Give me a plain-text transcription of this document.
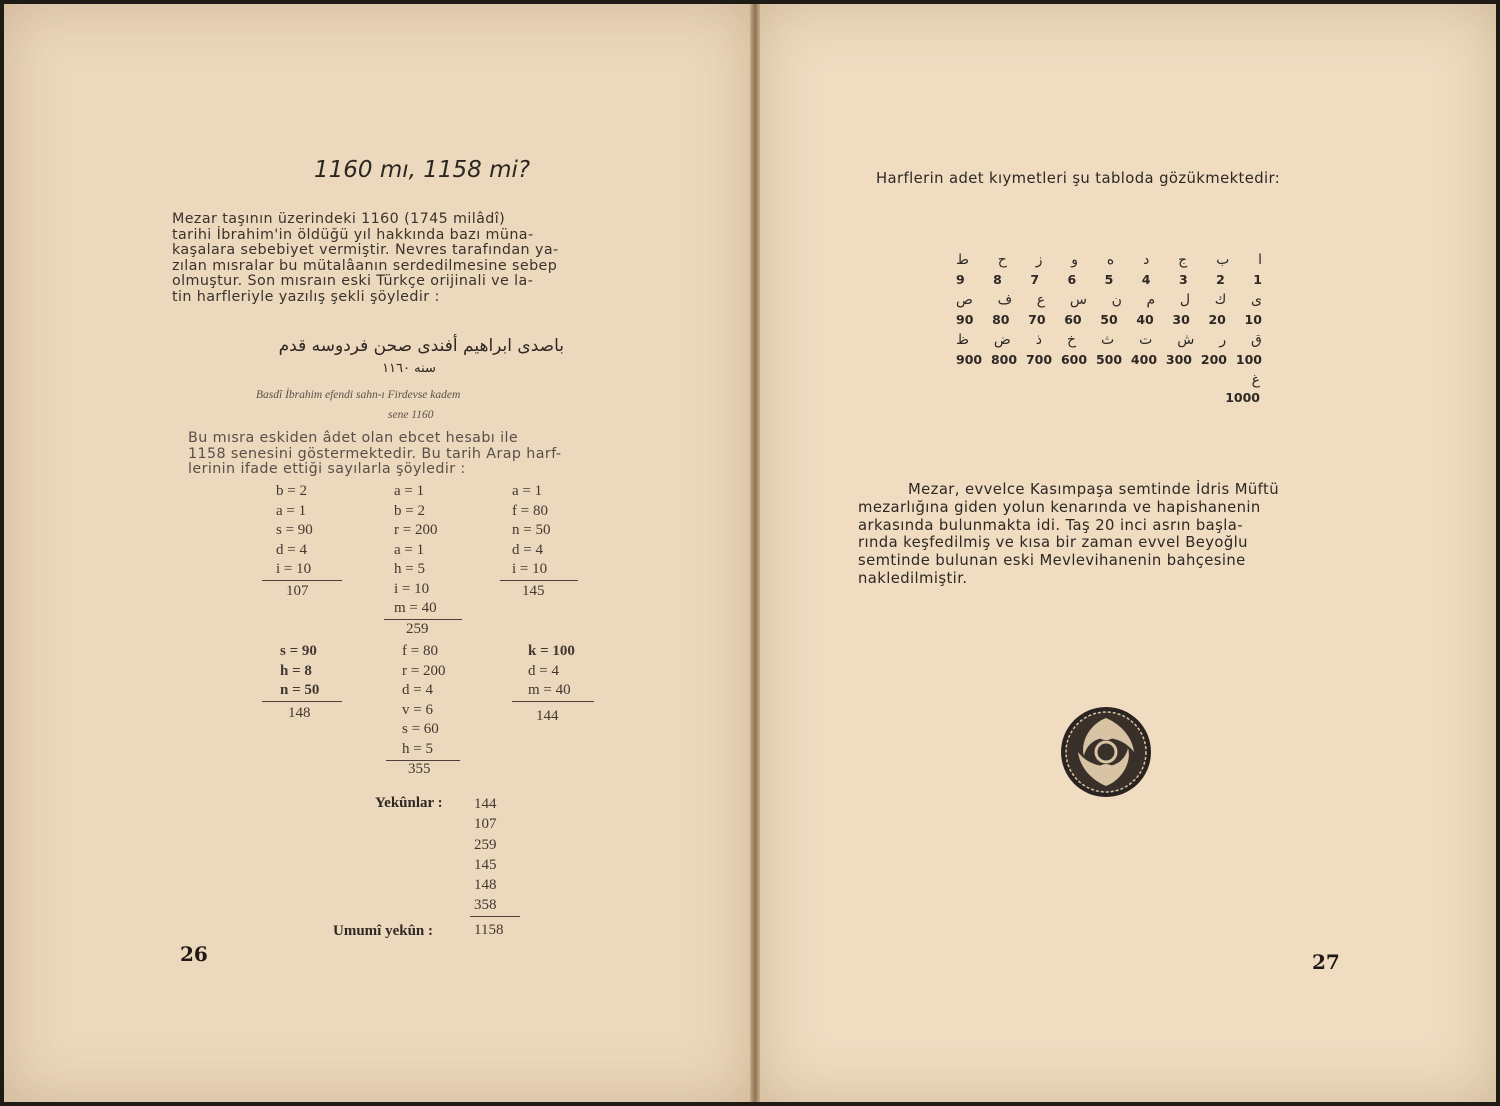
1160 mı, 1158 mi?
Mezar taşının üzerindeki 1160 (1745 milâdî)
tarihi İbrahim'in öldüğü yıl hakkında bazı müna-
kaşalara sebebiyet vermiştir. Nevres tarafından ya-
zılan mısralar bu mütalâanın serdedilmesine sebep
olmuştur. Son mısraın eski Türkçe orijinali ve la-
tin harfleriyle yazılış şekli şöyledir :
باصدی ابراهیم أفندی صحن فردوسه قدم
سنه ١١٦٠
Basdî İbrahim efendi sahn-ı Firdevse kadem
sene 1160
Bu mısra eskiden âdet olan ebcet hesabı ile
1158 senesini göstermektedir. Bu tarih Arap harf-
lerinin ifade ettiği sayılarla şöyledir :
b = 2
a = 1
s = 90
d = 4
i = 10
107
a = 1
b = 2
r = 200
a = 1
h = 5
i = 10
m = 40
259
a = 1
f = 80
n = 50
d = 4
i = 10
145
s = 90
h = 8
n = 50
148
f = 80
r = 200
d = 4
v = 6
s = 60
h = 5
355
k = 100
d = 4
m = 40
144
Yekûnlar : 144
107
259
145
148
358
Umumî yekûn :	1158
26
Harflerin adet kıymetleri şu tabloda gözükmektedir:
ط ح ز و ه د ج ب ا
9 8 7 6 5 4 3 2 1
ص ف ع س ن م ل ك ی
90 80 70 60 50 40 30 20 10
ظ ض ذ خ ث ت ش ر ق
900 800 700 600 500 400 300 200 100
غ
1000
Mezar, evvelce Kasımpaşa semtinde İdris Müftü
mezarlığına giden yolun kenarında ve hapishanenin
arkasında bulunmakta idi. Taş 20 inci asrın başla-
rında keşfedilmiş ve kısa bir zaman evvel Beyoğlu
semtinde bulunan eski Mevlevihanenin bahçesine
nakledilmiştir.
27
